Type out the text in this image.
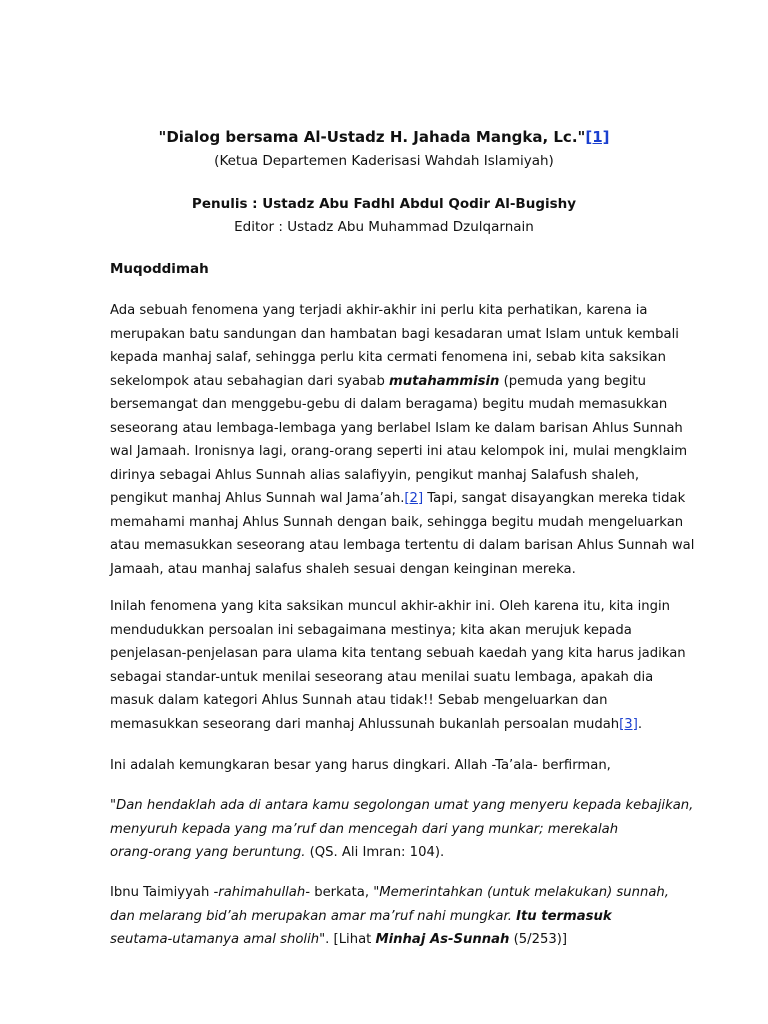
"Dialog bersama Al-Ustadz H. Jahada Mangka, Lc."[1]
(Ketua Departemen Kaderisasi Wahdah Islamiyah)
Penulis : Ustadz Abu Fadhl Abdul Qodir Al-Bugishy
Editor : Ustadz Abu Muhammad Dzulqarnain
Muqoddimah
Ada sebuah fenomena yang terjadi akhir-akhir ini perlu kita perhatikan, karena ia
merupakan batu sandungan dan hambatan bagi kesadaran umat Islam untuk kembali
kepada manhaj salaf, sehingga perlu kita cermati fenomena ini, sebab kita saksikan
sekelompok atau sebahagian dari syabab mutahammisin (pemuda yang begitu
bersemangat dan menggebu-gebu di dalam beragama) begitu mudah memasukkan
seseorang atau lembaga-lembaga yang berlabel Islam ke dalam barisan Ahlus Sunnah
wal Jamaah. Ironisnya lagi, orang-orang seperti ini atau kelompok ini, mulai mengklaim
dirinya sebagai Ahlus Sunnah alias salafiyyin, pengikut manhaj Salafush shaleh,
pengikut manhaj Ahlus Sunnah wal Jama’ah.[2] Tapi, sangat disayangkan mereka tidak
memahami manhaj Ahlus Sunnah dengan baik, sehingga begitu mudah mengeluarkan
atau memasukkan seseorang atau lembaga tertentu di dalam barisan Ahlus Sunnah wal
Jamaah, atau manhaj salafus shaleh sesuai dengan keinginan mereka.
Inilah fenomena yang kita saksikan muncul akhir-akhir ini. Oleh karena itu, kita ingin
mendudukkan persoalan ini sebagaimana mestinya; kita akan merujuk kepada
penjelasan-penjelasan para ulama kita tentang sebuah kaedah yang kita harus jadikan
sebagai standar-untuk menilai seseorang atau menilai suatu lembaga, apakah dia
masuk dalam kategori Ahlus Sunnah atau tidak!! Sebab mengeluarkan dan
memasukkan seseorang dari manhaj Ahlussunah bukanlah persoalan mudah[3].
Ini adalah kemungkaran besar yang harus dingkari. Allah -Ta’ala- berfirman,
"Dan hendaklah ada di antara kamu segolongan umat yang menyeru kepada kebajikan,
menyuruh kepada yang ma’ruf dan mencegah dari yang munkar; merekalah
orang-orang yang beruntung. (QS. Ali Imran: 104).
Ibnu Taimiyyah -rahimahullah- berkata, "Memerintahkan (untuk melakukan) sunnah,
dan melarang bid’ah merupakan amar ma’ruf nahi mungkar. Itu termasuk
seutama-utamanya amal sholih". [Lihat Minhaj As-Sunnah (5/253)]
